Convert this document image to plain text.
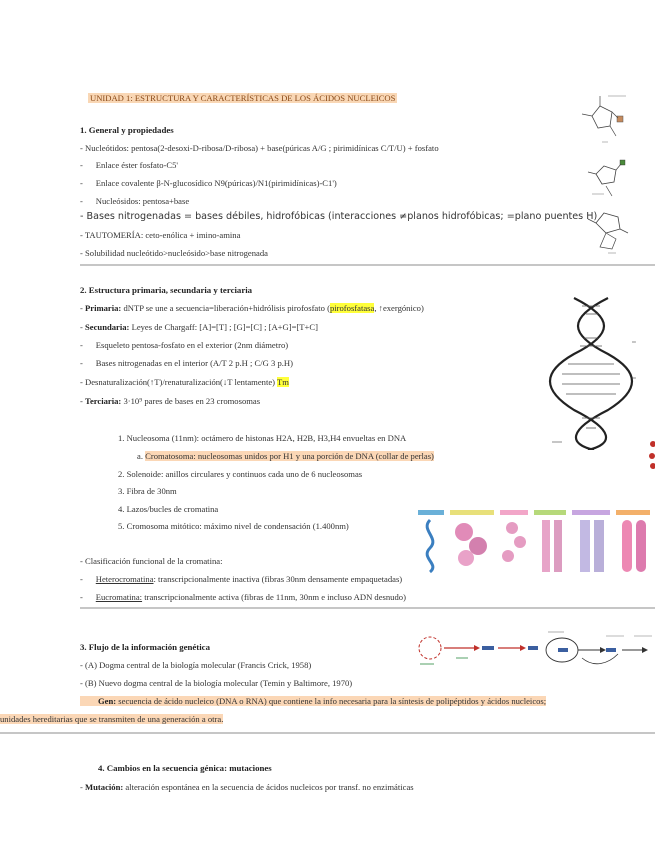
UNIDAD 1: ESTRUCTURA Y CARACTERÍSTICAS DE LOS ÁCIDOS NUCLEICOS
1. General y propiedades
- Nucleótidos: pentosa(2-desoxi-D-ribosa/D-ribosa) + base(púricas A/G ; pirimidínicas C/T/U) + fosfato
-      Enlace éster fosfato-C5'
-      Enlace covalente β-N-glucosídico N9(púricas)/N1(pirimidínicas)-C1')
-      Nucleósidos: pentosa+base
- Bases nitrogenadas = bases débiles, hidrofóbicas (interacciones ≠planos hidrofóbicas; =plano puentes H)
- TAUTOMERÍA: ceto-enólica + imino-amina
- Solubilidad nucleótido>nucleósido>base nitrogenada
2. Estructura primaria, secundaria y terciaria
- Primaria: dNTP se une a secuencia=liberación+hidrólisis pirofosfato (pirofosfatasa, ↑exergónico)
- Secundaria: Leyes de Chargaff: [A]=[T] ; [G]=[C] ; [A+G]=[T+C]
-      Esqueleto pentosa-fosfato en el exterior (2nm diámetro)
-      Bases nitrogenadas en el interior (A/T 2 p.H ; C/G 3 p.H)
- Desnaturalización(↑T)/renaturalización(↓T lentamente) Tm
- Terciaria: 3·10⁹ pares de bases en 23 cromosomas
1. Nucleosoma (11nm): octámero de histonas H2A, H2B, H3,H4 envueltas en DNA
a. Cromatosoma: nucleosomas unidos por H1 y una porción de DNA (collar de perlas)
2. Solenoide: anillos circulares y continuos cada uno de 6 nucleosomas
3. Fibra de 30nm
4. Lazos/bucles de cromatina
5. Cromosoma mitótico: máximo nivel de condensación (1.400nm)
- Clasificación funcional de la cromatina:
-      Heterocromatina: transcripcionalmente inactiva (fibras 30nm densamente empaquetadas)
-      Eucromatina: transcripcionalmente activa (fibras de 11nm, 30nm e incluso ADN desnudo)
3. Flujo de la información genética
- (A) Dogma central de la biología molecular (Francis Crick, 1958)
- (B) Nuevo dogma central de la biología molecular (Temin y Baltimore, 1970)
Gen: secuencia de ácido nucleico (DNA o RNA) que contiene la info necesaria para la síntesis de polipéptidos y ácidos nucleicos;
unidades hereditarias que se transmiten de una generación a otra.
4. Cambios en la secuencia génica: mutaciones
- Mutación: alteración espontánea en la secuencia de ácidos nucleicos por transf. no enzimáticas
